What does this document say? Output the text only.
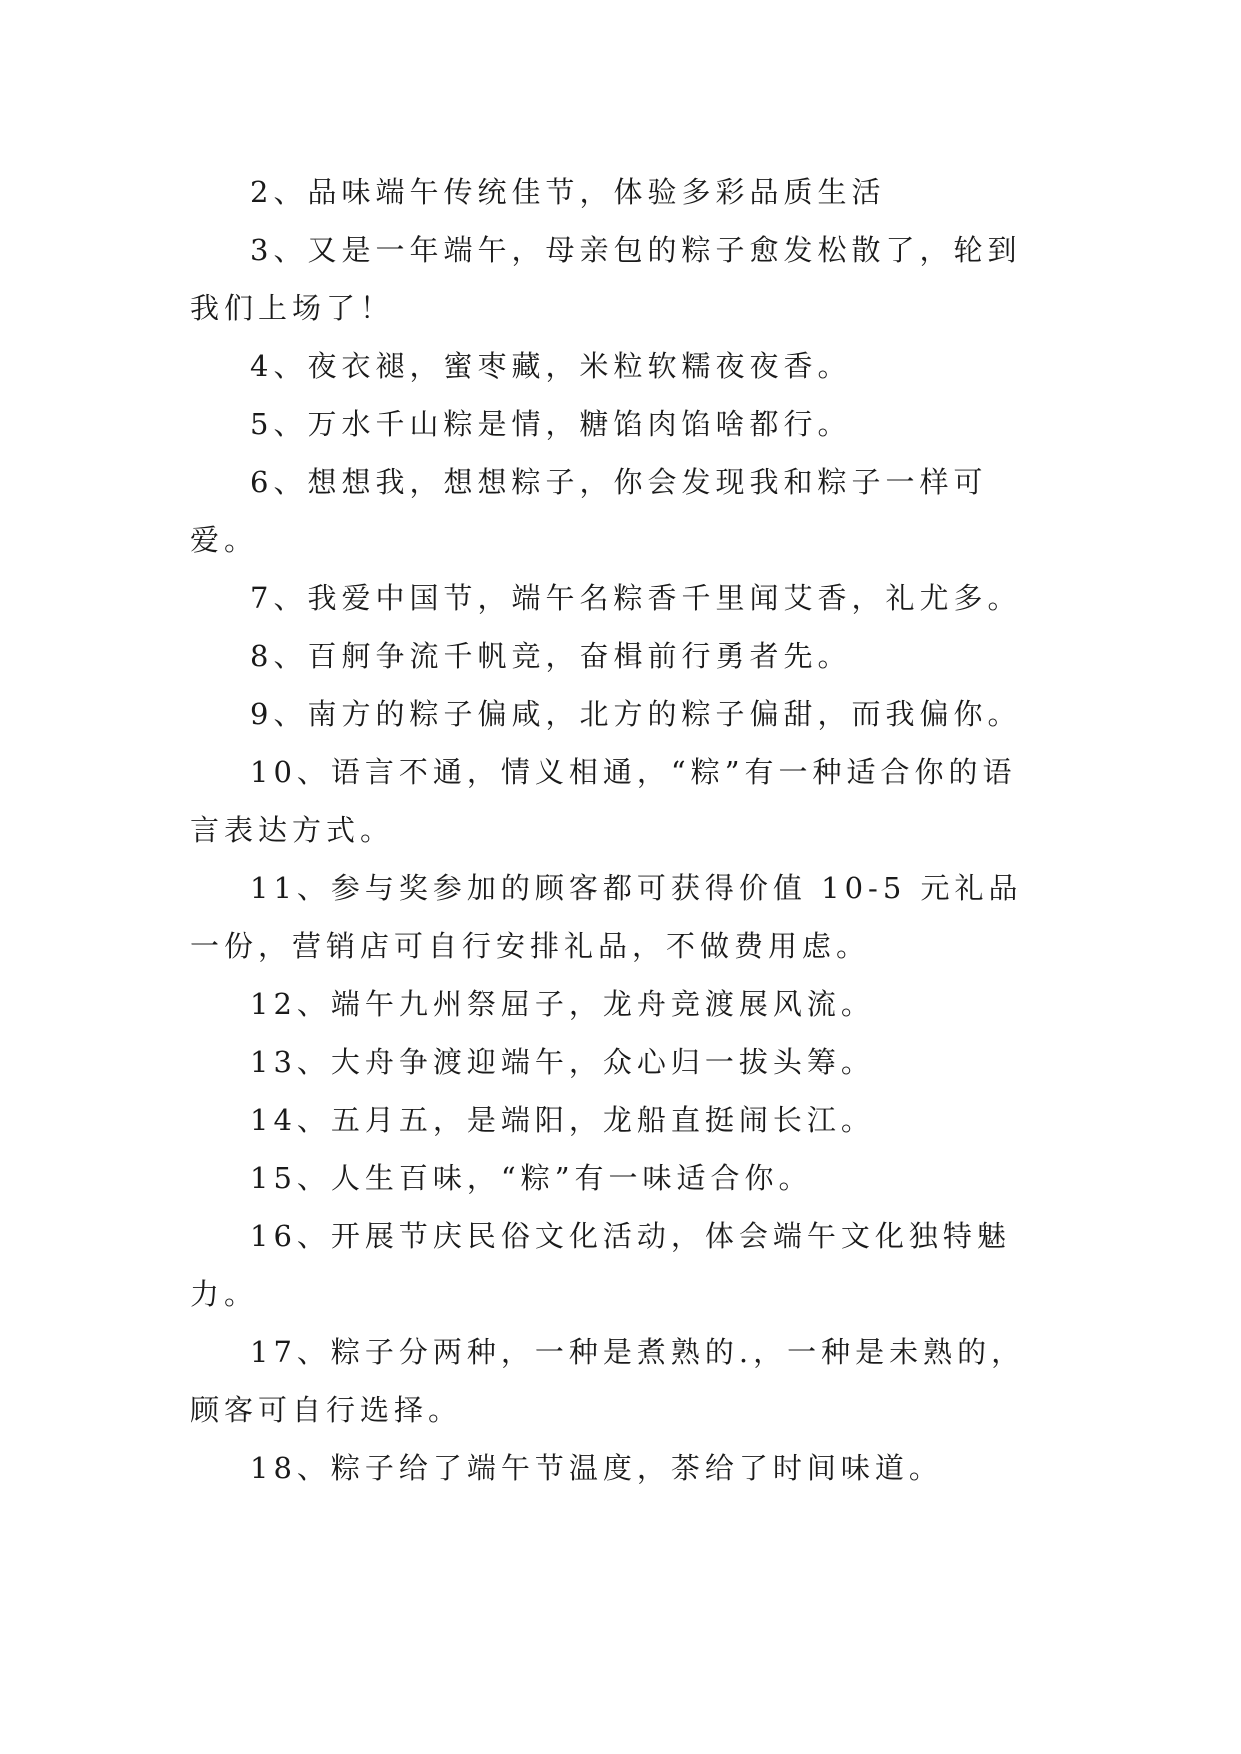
2、品味端午传统佳节，体验多彩品质生活

3、又是一年端午，母亲包的粽子愈发松散了，轮到我们上场了！

4、夜衣褪，蜜枣藏，米粒软糯夜夜香。

5、万水千山粽是情，糖馅肉馅啥都行。

6、想想我，想想粽子，你会发现我和粽子一样可爱。

7、我爱中国节，端午名粽香千里闻艾香，礼尤多。

8、百舸争流千帆竞，奋楫前行勇者先。

9、南方的粽子偏咸，北方的粽子偏甜，而我偏你。

10、语言不通，情义相通，“粽”有一种适合你的语言表达方式。

11、参与奖参加的顾客都可获得价值 10-5 元礼品一份，营销店可自行安排礼品，不做费用虑。

12、端午九州祭屈子，龙舟竞渡展风流。

13、大舟争渡迎端午，众心归一拔头筹。

14、五月五，是端阳，龙船直挺闹长江。

15、人生百味，“粽”有一味适合你。

16、开展节庆民俗文化活动，体会端午文化独特魅力。

17、粽子分两种，一种是煮熟的.，一种是未熟的，顾客可自行选择。

18、粽子给了端午节温度，茶给了时间味道。
